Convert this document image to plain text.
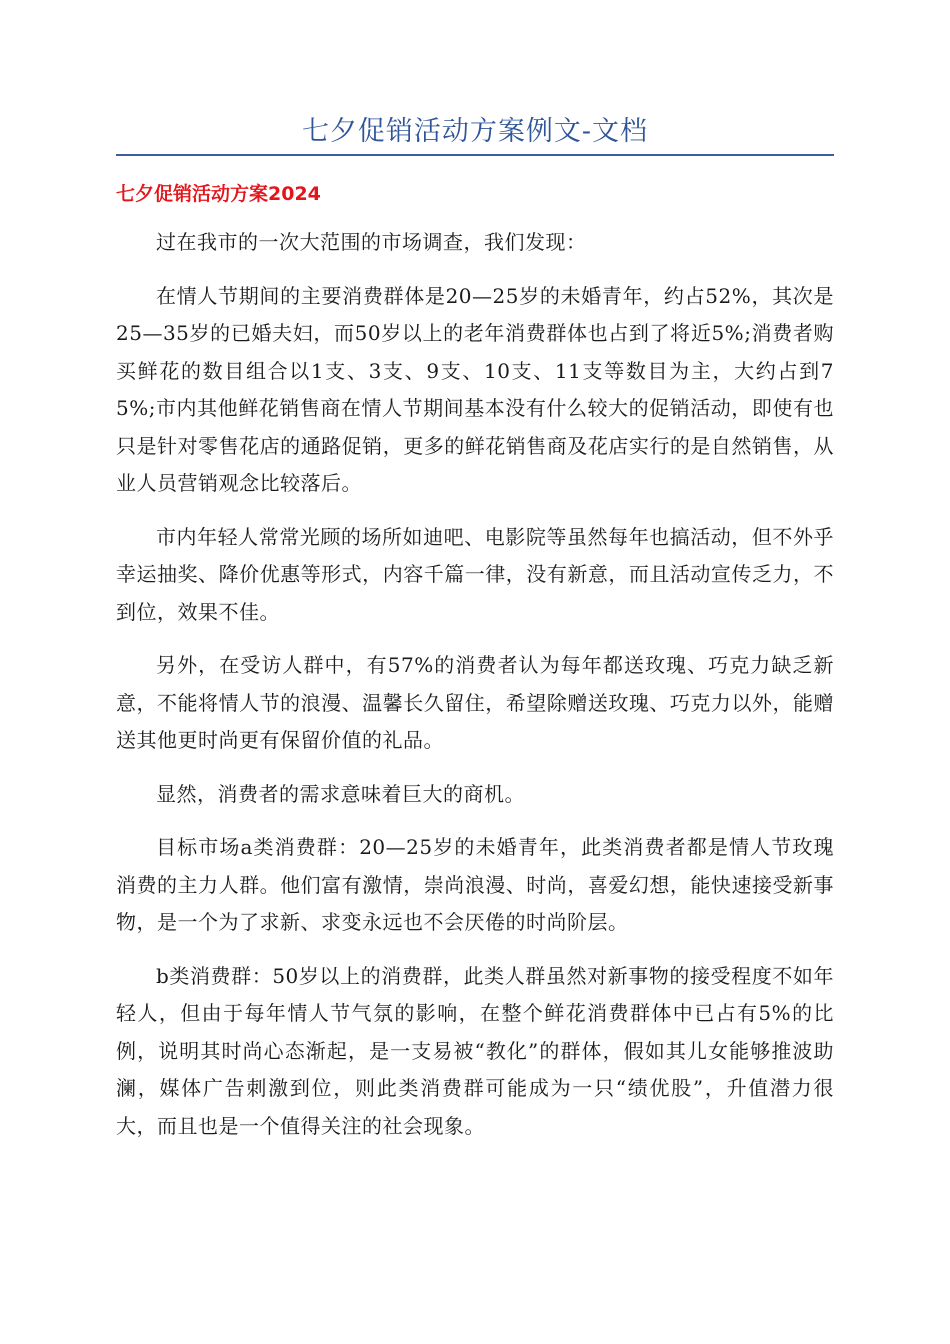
七夕促销活动方案例文-文档
七夕促销活动方案2024

过在我市的一次大范围的市场调查，我们发现：

在情人节期间的主要消费群体是20—25岁的未婚青年，约占52%，其次是25—35岁的已婚夫妇，而50岁以上的老年消费群体也占到了将近5%;消费者购买鲜花的数目组合以1支、3支、9支、10支、11支等数目为主，大约占到75%;市内其他鲜花销售商在情人节期间基本没有什么较大的促销活动，即使有也只是针对零售花店的通路促销，更多的鲜花销售商及花店实行的是自然销售，从业人员营销观念比较落后。

市内年轻人常常光顾的场所如迪吧、电影院等虽然每年也搞活动，但不外乎幸运抽奖、降价优惠等形式，内容千篇一律，没有新意，而且活动宣传乏力，不到位，效果不佳。

另外，在受访人群中，有57%的消费者认为每年都送玫瑰、巧克力缺乏新意，不能将情人节的浪漫、温馨长久留住，希望除赠送玫瑰、巧克力以外，能赠送其他更时尚更有保留价值的礼品。

显然，消费者的需求意味着巨大的商机。

目标市场a类消费群：20—25岁的未婚青年，此类消费者都是情人节玫瑰消费的主力人群。他们富有激情，崇尚浪漫、时尚，喜爱幻想，能快速接受新事物，是一个为了求新、求变永远也不会厌倦的时尚阶层。

b类消费群：50岁以上的消费群，此类人群虽然对新事物的接受程度不如年轻人，但由于每年情人节气氛的影响，在整个鲜花消费群体中已占有5%的比例，说明其时尚心态渐起，是一支易被“教化”的群体，假如其儿女能够推波助澜，媒体广告刺激到位，则此类消费群可能成为一只“绩优股”，升值潜力很大，而且也是一个值得关注的社会现象。
